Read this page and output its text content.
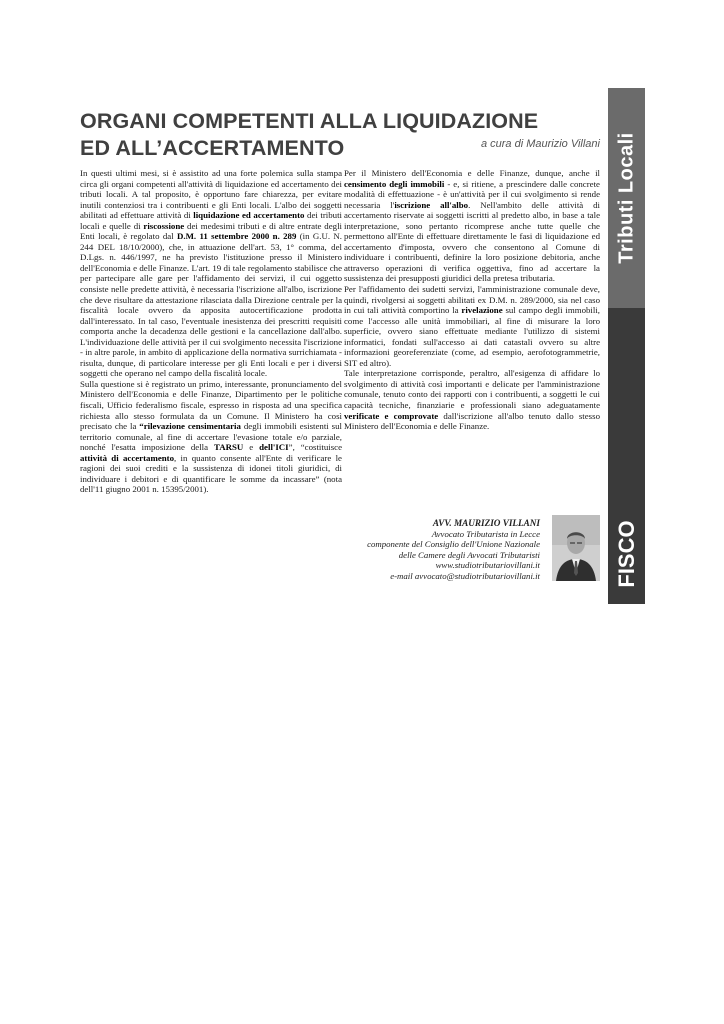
ORGANI COMPETENTI ALLA LIQUIDAZIONE
ED ALL’ACCERTAMENTO	a cura di Maurizio Villani

In questi ultimi mesi, si è assistito ad una forte polemica sulla stampa circa gli organi competenti all'attività di liquidazione ed accertamento dei tributi locali. A tal proposito, è opportuno fare chiarezza, per evitare inutili contenziosi tra i contribuenti e gli Enti locali. L'albo dei soggetti abilitati ad effettuare attività di liquidazione ed accertamento dei tributi locali e quelle di riscossione dei medesimi tributi e di altre entrate degli Enti locali, è regolato dal D.M. 11 settembre 2000 n. 289 (in G.U. N. 244 DEL 18/10/2000), che, in attuazione dell'art. 53, 1° comma, del D.Lgs. n. 446/1997, ne ha previsto l'istituzione presso il Ministero dell'Economia e delle Finanze. L'art. 19 di tale regolamento stabilisce che per partecipare alle gare per l'affidamento dei servizi, il cui oggetto consiste nelle predette attività, è necessaria l'iscrizione all'albo, iscrizione che deve risultare da attestazione rilasciata dalla Direzione centrale per la fiscalità locale ovvero da apposita autocertificazione prodotta dall'interessato. In tal caso, l'eventuale inesistenza dei prescritti requisiti comporta anche la decadenza delle gestioni e la cancellazione dall'albo. L'individuazione delle attività per il cui svolgimento necessita l'iscrizione - in altre parole, in ambito di applicazione della normativa surrichiamata - risulta, dunque, di particolare interesse per gli Enti locali e per i diversi soggetti che operano nel campo della fiscalità locale.

Sulla questione si è registrato un primo, interessante, pronunciamento del Ministero dell'Economia e delle Finanze, Dipartimento per le politiche fiscali, Ufficio federalismo fiscale, espresso in risposta ad una specifica richiesta allo stesso formulata da un Comune. Il Ministero ha così precisato che la “rilevazione censimentaria degli immobili esistenti sul territorio comunale, al fine di accertare l'evasione totale e/o parziale, nonché l'esatta imposizione della TARSU e dell'ICI”, “costituisce attività di accertamento, in quanto consente all'Ente di verificare le ragioni dei suoi crediti e la sussistenza di idonei titoli giuridici, di individuare i debitori e di quantificare le somme da incassare” (nota dell'11 giugno 2001 n. 15395/2001).

Per il Ministero dell'Economia e delle Finanze, dunque, anche il censimento degli immobili - e, si ritiene, a prescindere dalle concrete modalità di effettuazione - è un'attività per il cui svolgimento si rende necessaria l'iscrizione all'albo. Nell'ambito delle attività di accertamento riservate ai soggetti iscritti al predetto albo, in base a tale interpretazione, sono pertanto ricomprese anche tutte quelle che permettono all'Ente di effettuare direttamente le fasi di liquidazione ed accertamento d'imposta, ovvero che consentono al Comune di individuare i contribuenti, definire la loro posizione debitoria, anche attraverso operazioni di verifica oggettiva, fino ad accertare la sussistenza dei presupposti giuridici della pretesa tributaria.

Per l'affidamento dei sudetti servizi, l'amministrazione comunale deve, quindi, rivolgersi ai soggetti abilitati ex D.M. n. 289/2000, sia nel caso in cui tali attività comportino la rivelazione sul campo degli immobili, come l'accesso alle unità immobiliari, al fine di misurare la loro superficie, ovvero siano effettuate mediante l'utilizzo di sistemi informatici, fondati sull'accesso ai dati catastali ovvero su altre informazioni georeferenziate (come, ad esempio, aerofotogrammetrie, SIT ed altro).

Tale interpretazione corrisponde, peraltro, all'esigenza di affidare lo svolgimento di attività così importanti e delicate per l'amministrazione comunale, tenuto conto dei rapporti con i contribuenti, a soggetti le cui capacità tecniche, finanziarie e professionali siano adeguatamente verificate e comprovate dall'iscrizione all'albo tenuto dallo stesso Ministero dell'Economia e delle Finanze.

AVV. MAURIZIO VILLANI
Avvocato Tributarista in Lecce
componente del Consiglio dell'Unione Nazionale
delle Camere degli Avvocati Tributaristi
www.studiotributariovillani.it
e-mail avvocato@studiotributariovillani.it
Tributi Locali
FISCO
